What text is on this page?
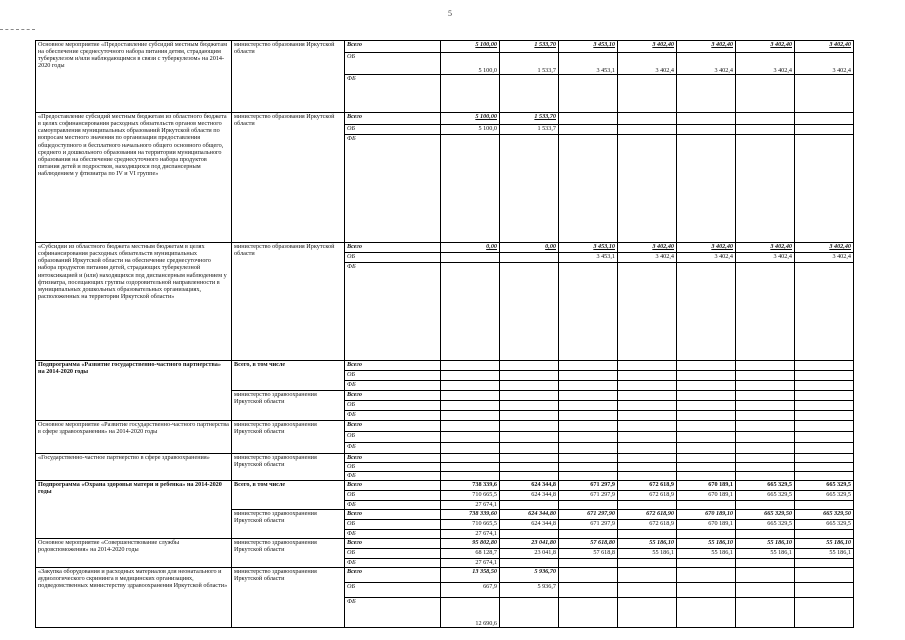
5
Основное мероприятие «Предоставление субсидий местным бюджетам на обеспечение среднесуточного набора питания детям, страдающим туберкулезом и/или наблюдающимся в связи с туберкулезом» на 2014-2020 годы	министерство образования Иркутской области	Всего	5 100,00	1 533,70	3 453,10	3 402,40	3 402,40	3 402,40	3 402,40
		ОБ	5 100,0	1 533,7	3 453,1	3 402,4	3 402,4	3 402,4	3 402,4
		ФБ							
«Предоставление субсидий местным бюджетам из областного бюджета в целях софинансирования расходных обязательств органов местного самоуправления муниципальных образований Иркутской области по вопросам местного значения по организации предоставления общедоступного и бесплатного начального общего основного общего, среднего и дошкольного образования на территории муниципального образования на обеспечение среднесуточного набора продуктов питания детей и подростков, находящихся под диспансерным наблюдением у фтизиатра по IV и VI группе»	министерство образования Иркутской области	Всего	5 100,00	1 533,70					
		ОБ	5 100,0	1 533,7					
		ФБ							
«Субсидии из областного бюджета местным бюджетам в целях софинансирования расходных обязательств муниципальных образований Иркутской области на обеспечение среднесуточного набора продуктов питания детей, страдающих туберкулезной интоксикацией и (или) находящихся под диспансерным наблюдением у фтизиатра, посещающих группы оздоровительной направленности в муниципальных дошкольных образовательных организациях, расположенных на территории Иркутской области»	министерство образования Иркутской области	Всего	0,00	0,00	3 453,10	3 402,40	3 402,40	3 402,40	3 402,40
		ОБ			3 453,1	3 402,4	3 402,4	3 402,4	3 402,4
		ФБ							
Подпрограмма «Развитие государственно-частного партнерства» на 2014-2020 годы	Всего, в том числе	Всего							
		ОБ							
		ФБ							
	министерство здравоохранения Иркутской области	Всего							
		ОБ							
		ФБ							
Основное мероприятие «Развитие государственно-частного партнерства в сфере здравоохранения» на 2014-2020 годы	министерство здравоохранения Иркутской области	Всего							
		ОБ							
		ФБ							
«Государственно-частное партнерство в сфере здравоохранения»	министерство здравоохранения Иркутской области	Всего							
		ОБ							
		ФБ							
Подпрограмма «Охрана здоровья матери и ребенка» на 2014-2020 годы	Всего, в том числе	Всего	738 339,6	624 344,8	671 297,9	672 618,9	670 189,1	665 329,5	665 329,5
		ОБ	710 665,5	624 344,8	671 297,9	672 618,9	670 189,1	665 329,5	665 329,5
		ФБ	27 674,1						
	министерство здравоохранения Иркутской области	Всего	738 339,60	624 344,80	671 297,90	672 618,90	670 189,10	665 329,50	665 329,50
		ОБ	710 665,5	624 344,8	671 297,9	672 618,9	670 189,1	665 329,5	665 329,5
		ФБ	27 674,1						
Основное мероприятие «Совершенствование службы родовспоможения» на 2014-2020 годы	министерство здравоохранения Иркутской области	Всего	95 802,80	23 041,80	57 618,80	55 186,10	55 186,10	55 186,10	55 186,10
		ОБ	68 128,7	23 041,8	57 618,8	55 186,1	55 186,1	55 186,1	55 186,1
		ФБ	27 674,1						
«Закупка оборудования и расходных материалов для неонатального и аудиологического скрининга в медицинских организациях, подведомственных министерству здравоохранения Иркутской области»	министерство здравоохранения Иркутской области	Всего	13 358,50	5 936,70					
		ОБ	667,9	5 936,7					
		ФБ	12 690,6						
